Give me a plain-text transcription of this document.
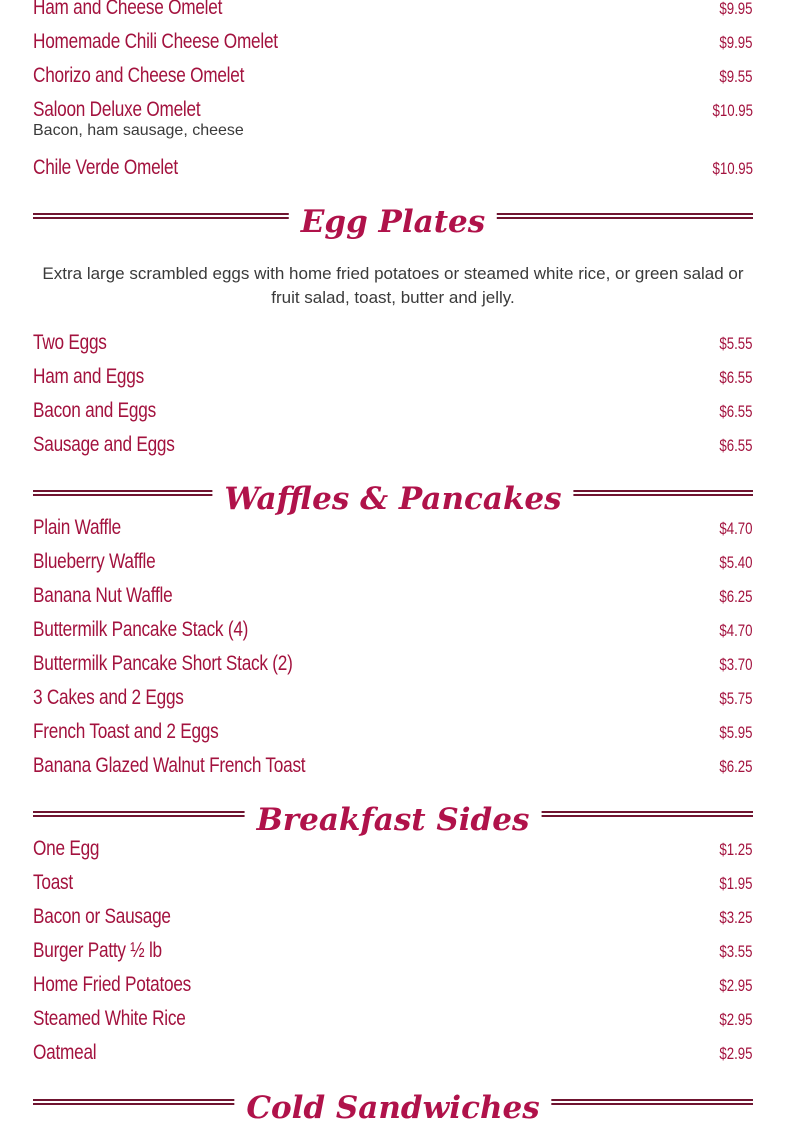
Ham and Cheese Omelet	$9.95
Homemade Chili Cheese Omelet	$9.95
Chorizo and Cheese Omelet	$9.55
Saloon Deluxe Omelet	$10.95
Bacon, ham sausage, cheese
Chile Verde Omelet	$10.95
Egg Plates
Extra large scrambled eggs with home fried potatoes or steamed white rice, or green salad or fruit salad, toast, butter and jelly.
Two Eggs	$5.55
Ham and Eggs	$6.55
Bacon and Eggs	$6.55
Sausage and Eggs	$6.55
Waffles & Pancakes
Plain Waffle	$4.70
Blueberry Waffle	$5.40
Banana Nut Waffle	$6.25
Buttermilk Pancake Stack (4)	$4.70
Buttermilk Pancake Short Stack (2)	$3.70
3 Cakes and 2 Eggs	$5.75
French Toast and 2 Eggs	$5.95
Banana Glazed Walnut French Toast	$6.25
Breakfast Sides
One Egg	$1.25
Toast	$1.95
Bacon or Sausage	$3.25
Burger Patty ½ lb	$3.55
Home Fried Potatoes	$2.95
Steamed White Rice	$2.95
Oatmeal	$2.95
Cold Sandwiches
